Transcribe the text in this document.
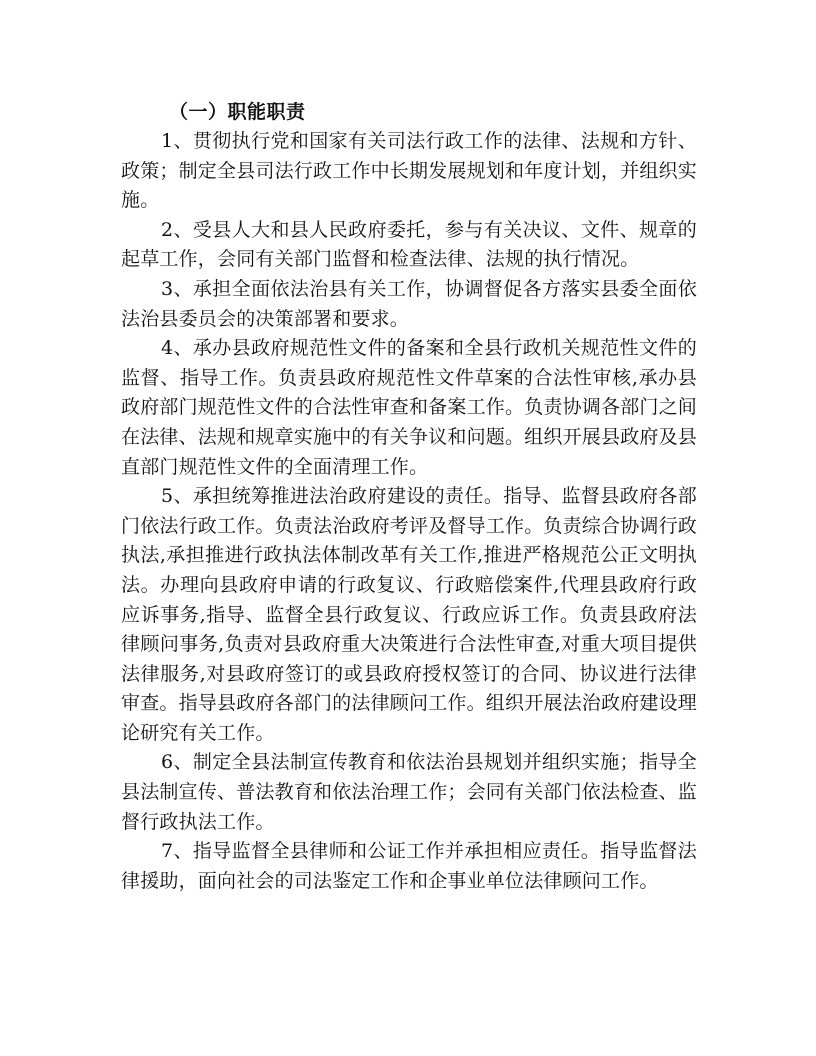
（一）职能职责

1、贯彻执行党和国家有关司法行政工作的法律、法规和方针、政策；制定全县司法行政工作中长期发展规划和年度计划，并组织实施。

2、受县人大和县人民政府委托，参与有关决议、文件、规章的起草工作，会同有关部门监督和检查法律、法规的执行情况。

3、承担全面依法治县有关工作，协调督促各方落实县委全面依法治县委员会的决策部署和要求。

4、承办县政府规范性文件的备案和全县行政机关规范性文件的监督、指导工作。负责县政府规范性文件草案的合法性审核,承办县政府部门规范性文件的合法性审查和备案工作。负责协调各部门之间在法律、法规和规章实施中的有关争议和问题。组织开展县政府及县直部门规范性文件的全面清理工作。

5、承担统筹推进法治政府建设的责任。指导、监督县政府各部门依法行政工作。负责法治政府考评及督导工作。负责综合协调行政执法,承担推进行政执法体制改革有关工作,推进严格规范公正文明执法。办理向县政府申请的行政复议、行政赔偿案件,代理县政府行政应诉事务,指导、监督全县行政复议、行政应诉工作。负责县政府法律顾问事务,负责对县政府重大决策进行合法性审查,对重大项目提供法律服务,对县政府签订的或县政府授权签订的合同、协议进行法律审查。指导县政府各部门的法律顾问工作。组织开展法治政府建设理论研究有关工作。

6、制定全县法制宣传教育和依法治县规划并组织实施；指导全县法制宣传、普法教育和依法治理工作；会同有关部门依法检查、监督行政执法工作。

7、指导监督全县律师和公证工作并承担相应责任。指导监督法律援助，面向社会的司法鉴定工作和企事业单位法律顾问工作。
